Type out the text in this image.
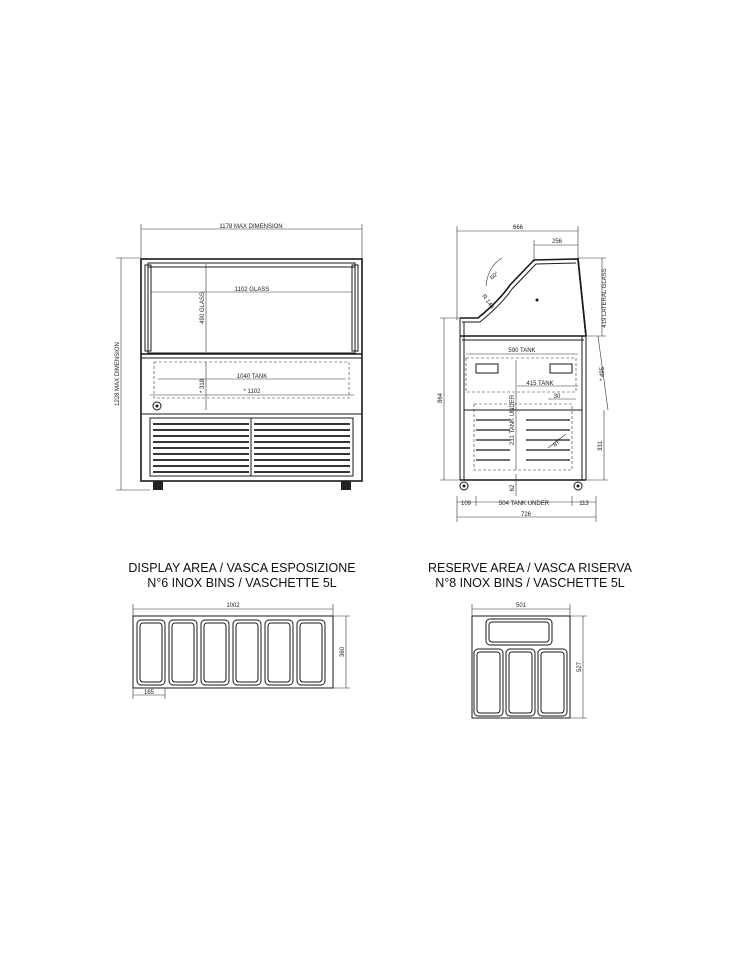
1178 MAX DIMENSION
1228 MAX DIMENSION
1102 GLASS
490 GLASS
1040 TANK
* 1102
* 318
666
256
60°
R 140	419 LATERAL GLASS
590 TANK
415 TANK
864
* 495
231 TANK UNDER	30
87°	331
62
109	504 TANK UNDER	113
726
DISPLAY AREA / VASCA ESPOSIZIONE
N°6 INOX BINS / VASCHETTE 5L
RESERVE AREA / VASCA RISERVA
N°8 INOX BINS / VASCHETTE 5L
1002
360
165
501
527
